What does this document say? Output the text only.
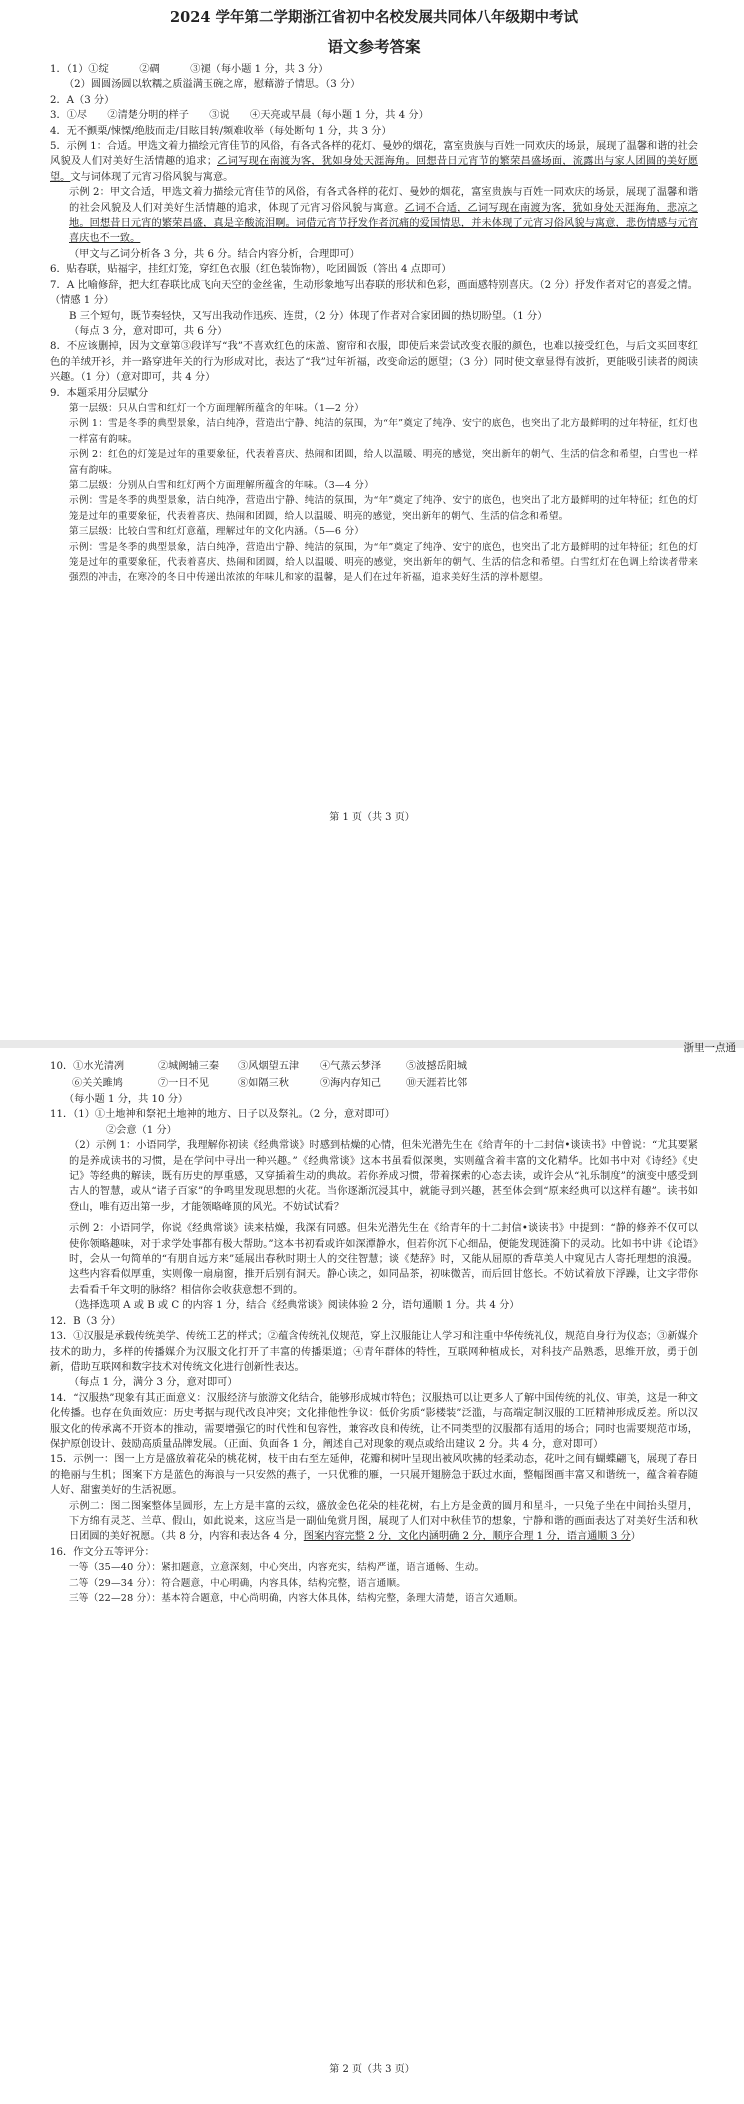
2024 学年第二学期浙江省初中名校发展共同体八年级期中考试
语文参考答案
1．（1）①绽　　　②碉　　　③褪（每小题 1 分，共 3 分）
（2）圆圆汤圆以软糯之质溢满玉碗之席，慰藉游子情思。（3 分）
2．A（3 分）
3．①尽　　②清楚分明的样子　　③说　　④天亮或早晨（每小题 1 分，共 4 分）
4．无不颤栗/悚慄/绝肢而走/目眩目转/频难收举（每处断句 1 分，共 3 分）
5．示例 1：合适。甲选文着力描绘元宵佳节的风俗，有各式各样的花灯、曼妙的烟花，富室贵族与百姓一同欢庆的场景，展现了温馨和谐的社会风貌及人们对美好生活情趣的追求；乙词写现在南渡为客，犹如身处天涯海角。回想昔日元宵节的繁荣昌盛场面，流露出与家人团圆的美好愿望。文与词体现了元宵习俗风貌与寓意。
示例 2：甲文合适，甲选文着力描绘元宵佳节的风俗，有各式各样的花灯、曼妙的烟花，富室贵族与百姓一同欢庆的场景，展现了温馨和谐的社会风貌及人们对美好生活情趣的追求，体现了元宵习俗风貌与寓意。乙词不合适，乙词写现在南渡为客，犹如身处天涯海角，悲凉之地。回想昔日元宵的繁荣昌盛，真是辛酸流泪啊。词借元宵节抒发作者沉痛的爱国情思，并未体现了元宵习俗风貌与寓意，悲伤情感与元宵喜庆也不一致。
（甲文与乙词分析各 3 分，共 6 分。结合内容分析，合理即可）
6．贴春联，贴福字，挂红灯笼，穿红色衣服（红色装饰物），吃团圆饭（答出 4 点即可）
7．A 比喻修辞，把大红春联比成飞向天空的金丝雀，生动形象地写出春联的形状和色彩，画面感特别喜庆。（2 分）抒发作者对它的喜爱之情。（情感 1 分）
B 三个短句，既节奏轻快，又写出我动作迅疾、连贯，（2 分）体现了作者对合家团圆的热切盼望。（1 分）
（每点 3 分，意对即可，共 6 分）
8．不应该删掉，因为文章第③段详写“我”不喜欢红色的床盖、窗帘和衣服，即使后来尝试改变衣服的颜色，也难以接受红色，与后文买回枣红色的羊绒开衫，并一路穿进年关的行为形成对比，表达了“我”过年祈福，改变命运的愿望；（3 分）同时使文章显得有波折，更能吸引读者的阅读兴趣。（1 分）（意对即可，共 4 分）
9．本题采用分层赋分
第一层级：只从白雪和红灯一个方面理解所蕴含的年味。（1—2 分）
示例 1：雪是冬季的典型景象，洁白纯净，营造出宁静、纯洁的氛围，为“年”奠定了纯净、安宁的底色，也突出了北方最鲜明的过年特征，红灯也一样富有韵味。
示例 2：红色的灯笼是过年的重要象征，代表着喜庆、热闹和团圆，给人以温暖、明亮的感觉，突出新年的朝气、生活的信念和希望，白雪也一样富有韵味。
第二层级：分别从白雪和红灯两个方面理解所蕴含的年味。（3—4 分）
示例：雪是冬季的典型景象，洁白纯净，营造出宁静、纯洁的氛围，为“年”奠定了纯净、安宁的底色，也突出了北方最鲜明的过年特征；红色的灯笼是过年的重要象征，代表着喜庆、热闹和团圆，给人以温暖、明亮的感觉，突出新年的朝气、生活的信念和希望。
第三层级：比较白雪和红灯意蕴，理解过年的文化内涵。（5—6 分）
示例：雪是冬季的典型景象，洁白纯净，营造出宁静、纯洁的氛围，为“年”奠定了纯净、安宁的底色，也突出了北方最鲜明的过年特征；红色的灯笼是过年的重要象征，代表着喜庆、热闹和团圆，给人以温暖、明亮的感觉，突出新年的朝气、生活的信念和希望。白雪红灯在色调上给读者带来强烈的冲击，在寒冷的冬日中传递出浓浓的年味儿和家的温馨，是人们在过年祈福，追求美好生活的淳朴愿望。
第 1 页（共 3 页）
10．①水光清冽	②城阙辅三秦	③风烟望五津	④气蒸云梦泽	⑤波撼岳阳城
⑥关关雎鸠	⑦一日不见	⑧如隔三秋	⑨海内存知己	⑩天涯若比邻
（每小题 1 分，共 10 分）
11．（1）①土地神和祭祀土地神的地方、日子以及祭礼。（2 分，意对即可）
②会意（1 分）
（2）示例 1：小语同学，我理解你初读《经典常谈》时感到枯燥的心情，但朱光潜先生在《给青年的十二封信•谈读书》中曾说：“尤其要紧的是养成读书的习惯，是在学问中寻出一种兴趣。”《经典常谈》这本书虽看似深奥，实则蕴含着丰富的文化精华。比如书中对《诗经》《史记》等经典的解读，既有历史的厚重感，又穿插着生动的典故。若你养成习惯，带着探索的心态去读，或许会从“礼乐制度”的演变中感受到古人的智慧，或从“诸子百家”的争鸣里发现思想的火花。当你逐渐沉浸其中，就能寻到兴趣，甚至体会到“原来经典可以这样有趣”。读书如登山，唯有迈出第一步，才能领略峰顶的风光。不妨试试看？
示例 2：小语同学，你说《经典常谈》读来枯燥，我深有同感。但朱光潜先生在《给青年的十二封信•谈读书》中提到：“静的修养不仅可以使你领略趣味，对于求学处事都有极大帮助。”这本书初看或许如深潭静水，但若你沉下心细品，便能发现涟漪下的灵动。比如书中讲《论语》时，会从一句简单的“有朋自远方来”延展出春秋时期士人的交往智慧；谈《楚辞》时，又能从屈原的香草美人中窥见古人寄托理想的浪漫。这些内容看似厚重，实则像一扇扇窗，推开后别有洞天。静心读之，如同品茶，初味微苦，而后回甘悠长。不妨试着放下浮躁，让文字带你去看看千年文明的脉络？相信你会收获意想不到的。
（选择选项 A 或 B 或 C 的内容 1 分，结合《经典常谈》阅读体验 2 分，语句通顺 1 分。共 4 分）
12．B（3 分）
13．①汉服是承载传统美学、传统工艺的样式；②蕴含传统礼仪规范，穿上汉服能让人学习和注重中华传统礼仪，规范自身行为仪态；③新媒介技术的助力，多样的传播媒介为汉服文化打开了丰富的传播渠道；④青年群体的特性，互联网种植成长，对科技产品熟悉，思维开放，勇于创新，借助互联网和数字技术对传统文化进行创新性表达。
（每点 1 分，满分 3 分，意对即可）
14．“汉服热”现象有其正面意义：汉服经济与旅游文化结合，能够形成城市特色；汉服热可以让更多人了解中国传统的礼仪、审美，这是一种文化传播。也存在负面效应：历史考据与现代改良冲突；文化排他性争议：低价劣质“影楼装”泛滥，与高端定制汉服的工匠精神形成反差。所以汉服文化的传承离不开资本的推动，需要增强它的时代性和包容性，兼容改良和传统，让不同类型的汉服都有适用的场合；同时也需要规范市场，保护原创设计、鼓励高质量品牌发展。（正面、负面各 1 分，阐述自己对现象的观点或给出建议 2 分。共 4 分，意对即可）
15．示例一：图一上方是盛放着花朵的桃花树，枝干由右至左延伸，花瓣和树叶呈现出被风吹拂的轻柔动态，花叶之间有蝴蝶翩飞，展现了春日的艳丽与生机；图案下方是蓝色的海浪与一只安然的燕子，一只优雅的雁，一只展开翅膀急于跃过水面，整幅图画丰富又和谐统一，蕴含着春随人好、甜蜜美好的生活祝愿。
示例二：图二图案整体呈圆形，左上方是丰富的云纹，盛放金色花朵的桂花树，右上方是金黄的圆月和星斗，一只兔子坐在中间抬头望月，下方绵有灵芝、兰草、假山，如此说来，这应当是一副仙兔赏月图，展现了人们对中秋佳节的想象，宁静和谐的画面表达了对美好生活和秋日团圆的美好祝愿。（共 8 分，内容和表达各 4 分，图案内容完整 2 分，文化内涵明确 2 分，顺序合理 1 分，语言通顺 3 分）
16．作文分五等评分：
一等（35—40 分）：紧扣题意，立意深刻，中心突出，内容充实，结构严谨，语言通畅、生动。
二等（29—34 分）：符合题意，中心明确，内容具体，结构完整，语言通顺。
三等（22—28 分）：基本符合题意，中心尚明确，内容大体具体，结构完整，条理大清楚，语言欠通顺。
第 2 页（共 3 页）
浙里一点通
